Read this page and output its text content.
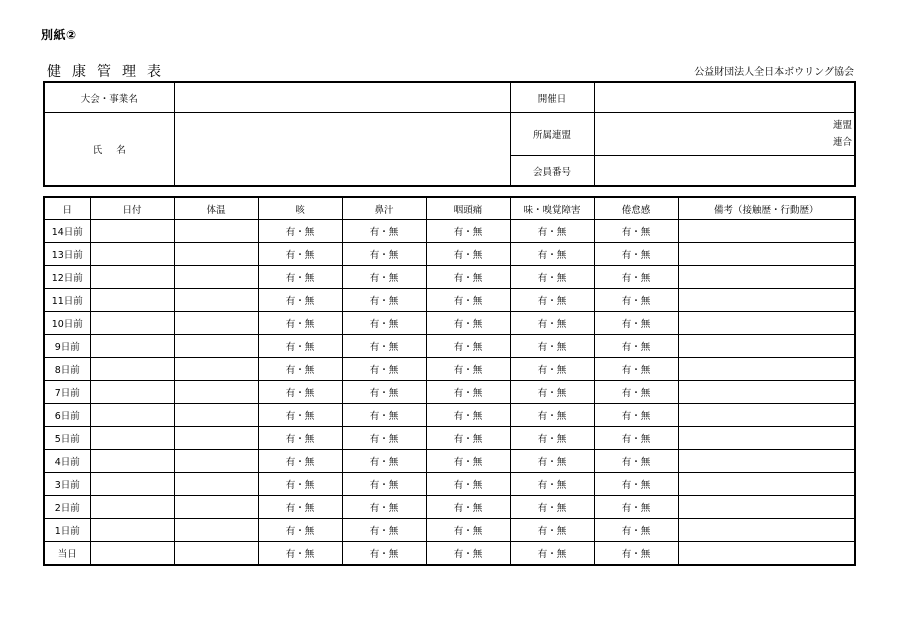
別紙②
健康管理表	公益財団法人全日本ボウリング協会
大会・事業名		開催日	
氏 名		所属連盟	連盟
連合

		会員番号	
日	日付	体温	咳	鼻汁	咽頭痛	味・嗅覚障害	倦怠感	備考（接触歴・行動歴）
14日前			有・無	有・無	有・無	有・無	有・無	
13日前			有・無	有・無	有・無	有・無	有・無	
12日前			有・無	有・無	有・無	有・無	有・無	
11日前			有・無	有・無	有・無	有・無	有・無	
10日前			有・無	有・無	有・無	有・無	有・無	
9日前			有・無	有・無	有・無	有・無	有・無	
8日前			有・無	有・無	有・無	有・無	有・無	
7日前			有・無	有・無	有・無	有・無	有・無	
6日前			有・無	有・無	有・無	有・無	有・無	
5日前			有・無	有・無	有・無	有・無	有・無	
4日前			有・無	有・無	有・無	有・無	有・無	
3日前			有・無	有・無	有・無	有・無	有・無	
2日前			有・無	有・無	有・無	有・無	有・無	
1日前			有・無	有・無	有・無	有・無	有・無	
当日			有・無	有・無	有・無	有・無	有・無	
